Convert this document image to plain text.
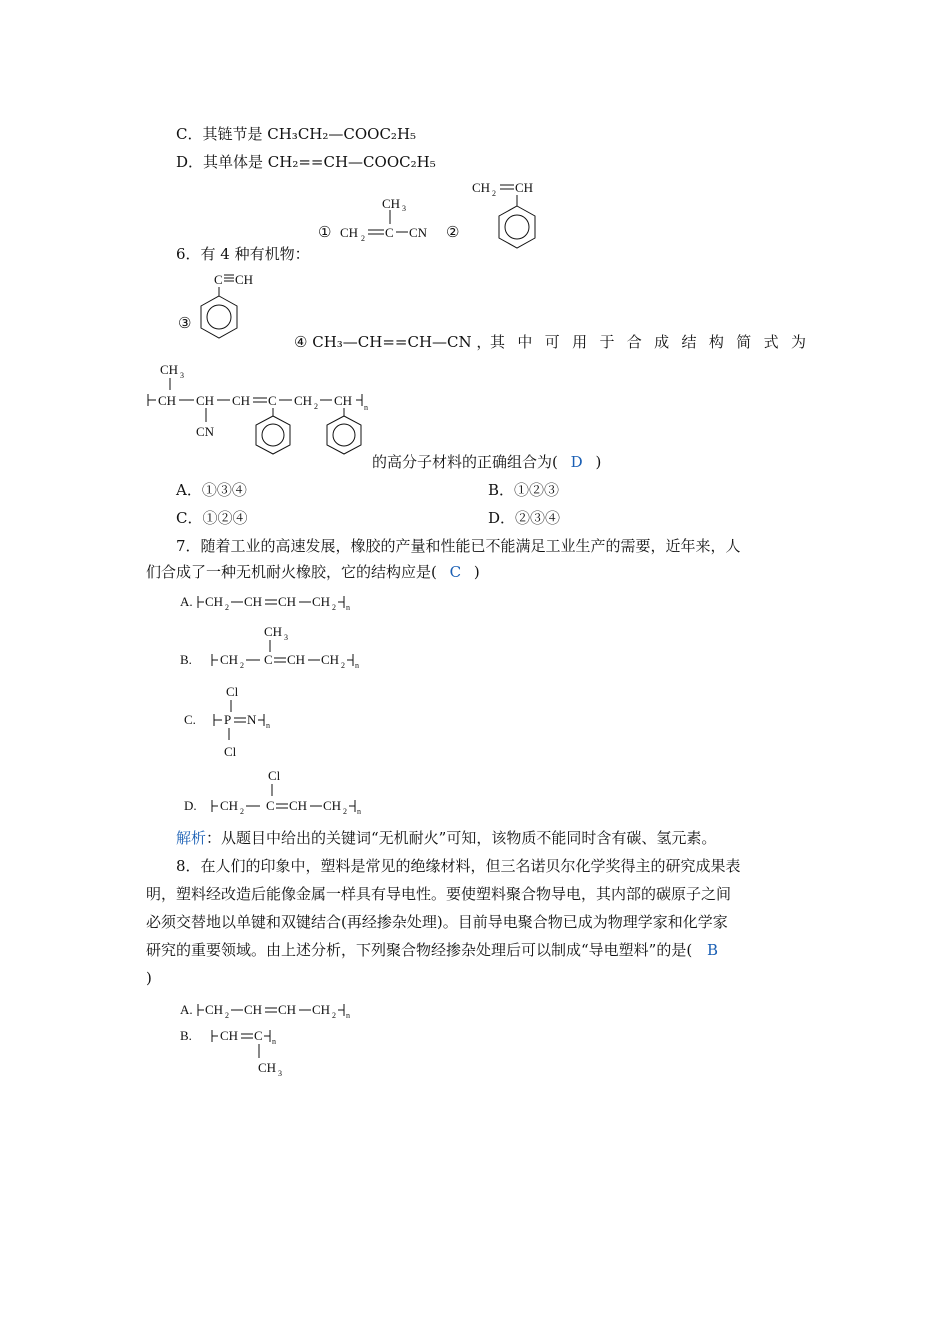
C．其链节是 CH₃CH₂—COOC₂H₅
D．其单体是 CH₂==CH—COOC₂H₅
① CH 2 C
CH 3
CN ②
CH 2 CH
6．有 4 种有机物：
C CH
③
④ CH₃—CH==CH—CN ，
其中可用于合成结构简式为
CH 3
CH CH
CN
CH C CH 2 CH n
的高分子材料的正确组合为( D )
A．①③④	B．①②③
C．①②④	D．②③④
7．随着工业的高速发展，橡胶的产量和性能已不能满足工业生产的需要，近年来，人
们合成了一种无机耐火橡胶，它的结构应是( C )
A. CH 2 CH CH CH 2 n
CH 3
B. CH 2 C CH CH 2 n
Cl
C. P N n
Cl
Cl
D. CH 2 C CH CH 2 n
解析：从题目中给出的关键词“无机耐火”可知，该物质不能同时含有碳、氢元素。
8．在人们的印象中，塑料是常见的绝缘材料，但三名诺贝尔化学奖得主的研究成果表
明，塑料经改造后能像金属一样具有导电性。要使塑料聚合物导电，其内部的碳原子之间
必须交替地以单键和双键结合(再经掺杂处理)。目前导电聚合物已成为物理学家和化学家
研究的重要领域。由上述分析，下列聚合物经掺杂处理后可以制成“导电塑料”的是( B
)
A. CH 2 CH CH CH 2 n
B. CH C n
CH 3
